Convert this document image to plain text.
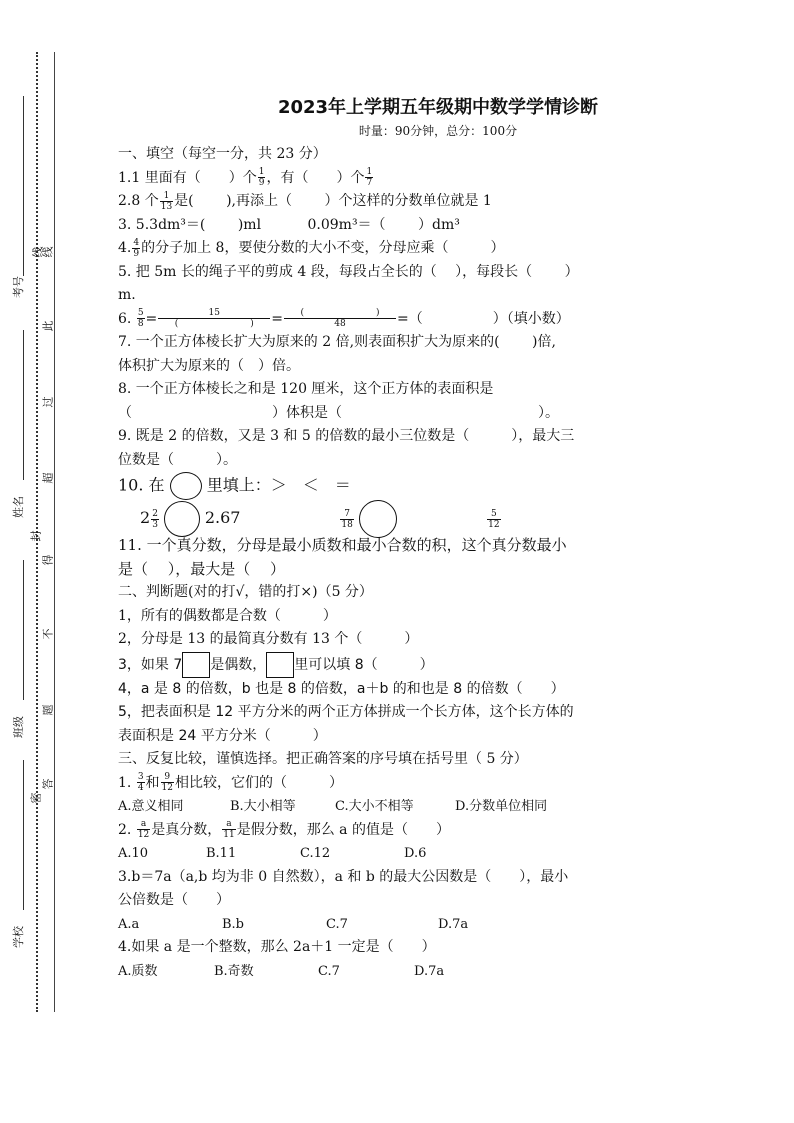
考号
姓名
班级
学校
线
线
此
过
超
封
得
不
题
答
密
2023年上学期五年级期中数学学情诊断
时量：90分钟，总分：100分
一、填空（每空一分，共 23 分）
1.1 里面有（　　）个 $\frac{1}{9}$ ，有（　　）个 $\frac{1}{7}$
2.8 个 $\frac{1}{13}$ 是(　　 ),再添上（　　 ）个这样的分数单位就是 1
3. 5.3dm³＝(　　 )ml　　　 0.09m³＝（　　 ）dm³
4. $\frac{4}{9}$ 的分子加上 8，要使分数的大小不变，分母应乘（　　　）
5. 把 5m 长的绳子平的剪成 4 段，每段占全长的（　 ），每段长（　　 ）
m.
6. $\frac{5}{8} = \frac{15}{( )} = \frac{( )}{48}$ =（　　　　　）（填小数）
7. 一个正方体棱长扩大为原来的 2 倍,则表面积扩大为原来的(　　 )倍,
体积扩大为原来的（　）倍。
8. 一个正方体棱长之和是 120 厘米，这个正方体的表面积是
（　　　　　　　　　　）体积是（　　　　　　　　　　　　　　）。
9. 既是 2 的倍数，又是 3 和 5 的倍数的最小三位数是（　　　），最大三
位数是（　　　）。
10. 在	里填上：＞　＜　＝
$2 \frac{2}{3}$	2.67	$\frac{7}{18}$
	$\frac{5}{12}$
11. 一个真分数，分母是最小质数和最小合数的积，这个真分数最小
是（　 ），最大是（　 ）
二、判断题(对的打√，错的打×)（5 分）
1，所有的偶数都是合数（　　　）
2，分母是 13 的最简真分数有 13 个（　　　）
3，如果 7 是偶数， 里可以填 8（　　　）
4，a 是 8 的倍数，b 也是 8 的倍数，a＋b 的和也是 8 的倍数（　　）
5，把表面积是 12 平方分米的两个正方体拼成一个长方体，这个长方体的
表面积是 24 平方分米（　　　）
三、反复比较，谨慎选择。把正确答案的序号填在括号里（ 5 分）
1. $\frac{3}{4}$ 和 $\frac{9}{12}$ 相比较，它们的（　　　）
A.意义相同	B.大小相等	C.大小不相等	D.分数单位相同
2. $\frac{a}{12}$ 是真分数， $\frac{a}{11}$ 是假分数，那么 a 的值是（　　）
A.10	B.11	C.12	D.6
3.b＝7a（a,b 均为非 0 自然数），a 和 b 的最大公因数是（　　），最小
公倍数是（　　）
A.a	B.b	C.7	D.7a
4.如果 a 是一个整数，那么 2a＋1 一定是（　　）
A.质数	B.奇数	C.7	D.7a
